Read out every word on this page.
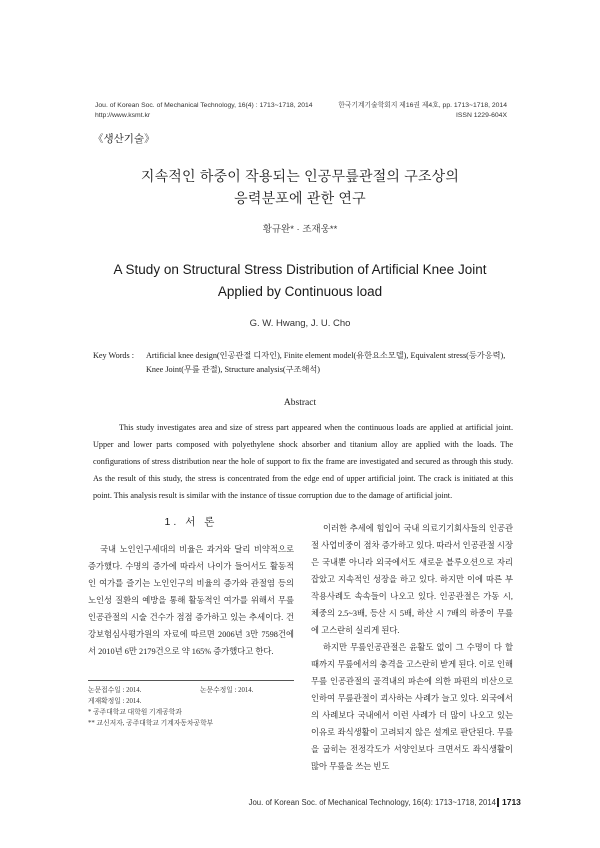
Jou. of Korean Soc. of Mechanical Technology, 16(4) : 1713~1718, 2014
http://www.ksmt.kr
한국기계기술학회지 제16권 제4호, pp. 1713~1718, 2014
ISSN 1229-604X
《생산기술》
지속적인 하중이 작용되는 인공무릎관절의 구조상의
응력분포에 관한 연구
황규완* · 조재웅**
A Study on Structural Stress Distribution of Artificial Knee Joint
Applied by Continuous load
G. W. Hwang, J. U. Cho
Key Words :	Artificial knee design(인공관절 디자인), Finite element model(유한요소모델), Equivalent stress(등가응력), Knee Joint(무릎 관절), Structure analysis(구조해석)
Abstract

This study investigates area and size of stress part appeared when the continuous loads are applied at artificial joint. Upper and lower parts composed with polyethylene shock absorber and titanium alloy are applied with the loads. The configurations of stress distribution near the hole of support to fix the frame are investigated and secured as through this study. As the result of this study, the stress is concentrated from the edge end of upper artificial joint. The crack is initiated at this point. This analysis result is similar with the instance of tissue corruption due to the damage of artificial joint.

1. 서 론

국내 노인인구세대의 비율은 과거와 달리 비약적으로 증가했다. 수명의 증가에 따라서 나이가 들어서도 활동적인 여가를 즐기는 노인인구의 비율의 증가와 관절염 등의 노인성 질환의 예방을 통해 활동적인 여가를 위해서 무릎인공관절의 시술 건수가 점점 증가하고 있는 추세이다. 건강보험심사평가원의 자료에 따르면 2006년 3만 7598건에서 2010년 6만 2179건으로 약 165% 증가했다고 한다.

이러한 추세에 힘입어 국내 의료기기회사들의 인공관절 사업비중이 점차 증가하고 있다. 따라서 인공관절 시장은 국내뿐 아니라 외국에서도 새로운 블루오션으로 자리 잡았고 지속적인 성장을 하고 있다. 하지만 이에 따른 부작용사례도 속속들이 나오고 있다. 인공관절은 가동 시, 체중의 2.5~3배, 등산 시 5배, 하산 시 7배의 하중이 무릎에 고스란히 실리게 된다.

하지만 무릎인공관절은 윤활도 없이 그 수명이 다 할 때까지 무릎에서의 충격을 고스란히 받게 된다. 이로 인해 무릎 인공관절의 골격내의 파손에 의한 파편의 비산으로 인하여 무릎관절이 괴사하는 사례가 늘고 있다. 외국에서의 사례보다 국내에서 이런 사례가 더 많이 나오고 있는 이유로 좌식생활이 고려되지 않은 설계로 판단된다. 무릎을 굽히는 전정각도가 서양인보다 크면서도 좌식생활이 많아 무릎을 쓰는 빈도

논문접수일 : 2014.	논문수정일 : 2014.
게재확정일 : 2014.
* 공주대학교 대학원 기계공학과
** 교신저자, 공주대학교 기계자동차공학부
Jou. of Korean Soc. of Mechanical Technology, 16(4): 1713~1718, 2014 1713
